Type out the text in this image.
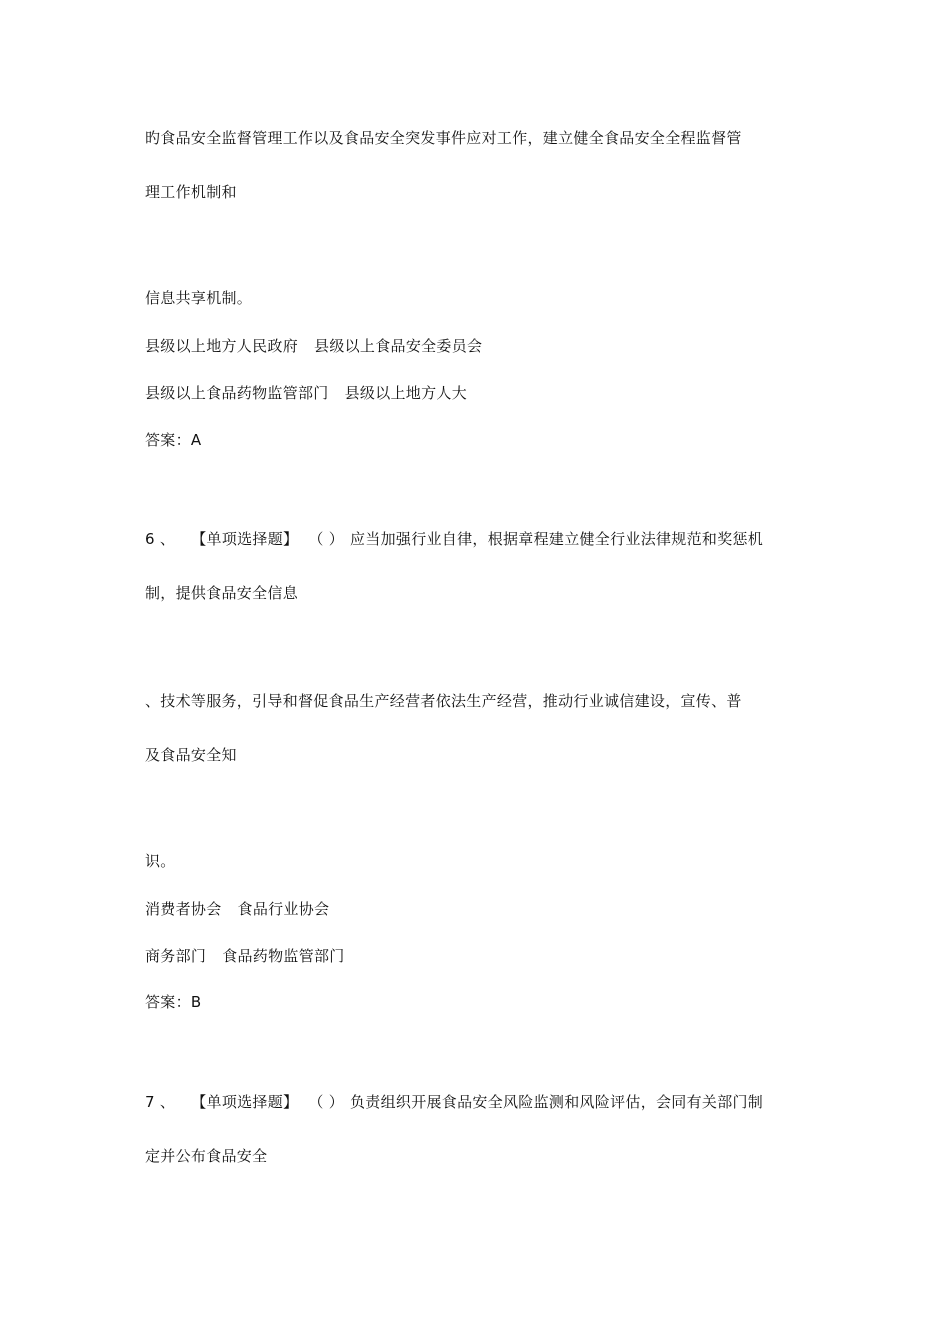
旳食品安全监督管理工作以及食品安全突发事件应对工作，建立健全食品安全全程监督管
理工作机制和
信息共享机制。
县级以上地方人民政府 县级以上食品安全委员会
县级以上食品药物监管部门 县级以上地方人大
答案：A
6 、 【单项选择题】 （ ） 应当加强行业自律，根据章程建立健全行业法律规范和奖惩机
制，提供食品安全信息
、技术等服务，引导和督促食品生产经营者依法生产经营，推动行业诚信建设，宣传、普
及食品安全知
识。
消费者协会 食品行业协会
商务部门 食品药物监管部门
答案：B
7 、 【单项选择题】 （ ） 负责组织开展食品安全风险监测和风险评估，会同有关部门制
定并公布食品安全
